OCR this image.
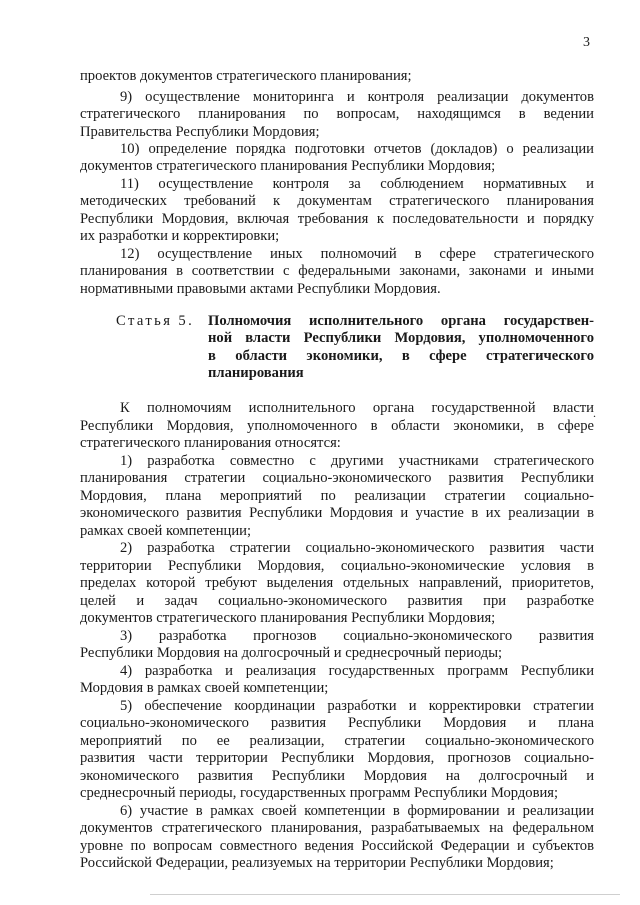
3
проектов документов стратегического планирования;
9) осуществление мониторинга и контроля реализации документов
стратегического планирования по вопросам, находящимся в ведении
Правительства Республики Мордовия;
10) определение порядка подготовки отчетов (докладов) о реализации
документов стратегического планирования Республики Мордовия;
11) осуществление контроля за соблюдением нормативных и
методических требований к документам стратегического планирования
Республики Мордовия, включая требования к последовательности и порядку
их разработки и корректировки;
12) осуществление иных полномочий в сфере стратегического
планирования в соответствии с федеральными законами, законами и иными
нормативными правовыми актами Республики Мордовия.
Статья 5. Полномочия исполнительного органа государствен-
ной власти Республики Мордовия, уполномоченного
в области экономики, в сфере стратегического
планирования
К полномочиям исполнительного органа государственной власти
Республики Мордовия, уполномоченного в области экономики, в сфере
стратегического планирования относятся:
1) разработка совместно с другими участниками стратегического
планирования стратегии социально-экономического развития Республики
Мордовия, плана мероприятий по реализации стратегии социально-
экономического развития Республики Мордовия и участие в их реализации в
рамках своей компетенции;
2) разработка стратегии социально-экономического развития части
территории Республики Мордовия, социально-экономические условия в
пределах которой требуют выделения отдельных направлений, приоритетов,
целей и задач социально-экономического развития при разработке
документов стратегического планирования Республики Мордовия;
3) разработка прогнозов социально-экономического развития
Республики Мордовия на долгосрочный и среднесрочный периоды;
4) разработка и реализация государственных программ Республики
Мордовия в рамках своей компетенции;
5) обеспечение координации разработки и корректировки стратегии
социально-экономического развития Республики Мордовия и плана
мероприятий по ее реализации, стратегии социально-экономического
развития части территории Республики Мордовия, прогнозов социально-
экономического развития Республики Мордовия на долгосрочный и
среднесрочный периоды, государственных программ Республики Мордовия;
6) участие в рамках своей компетенции в формировании и реализации
документов стратегического планирования, разрабатываемых на федеральном
уровне по вопросам совместного ведения Российской Федерации и субъектов
Российской Федерации, реализуемых на территории Республики Мордовия;
.
